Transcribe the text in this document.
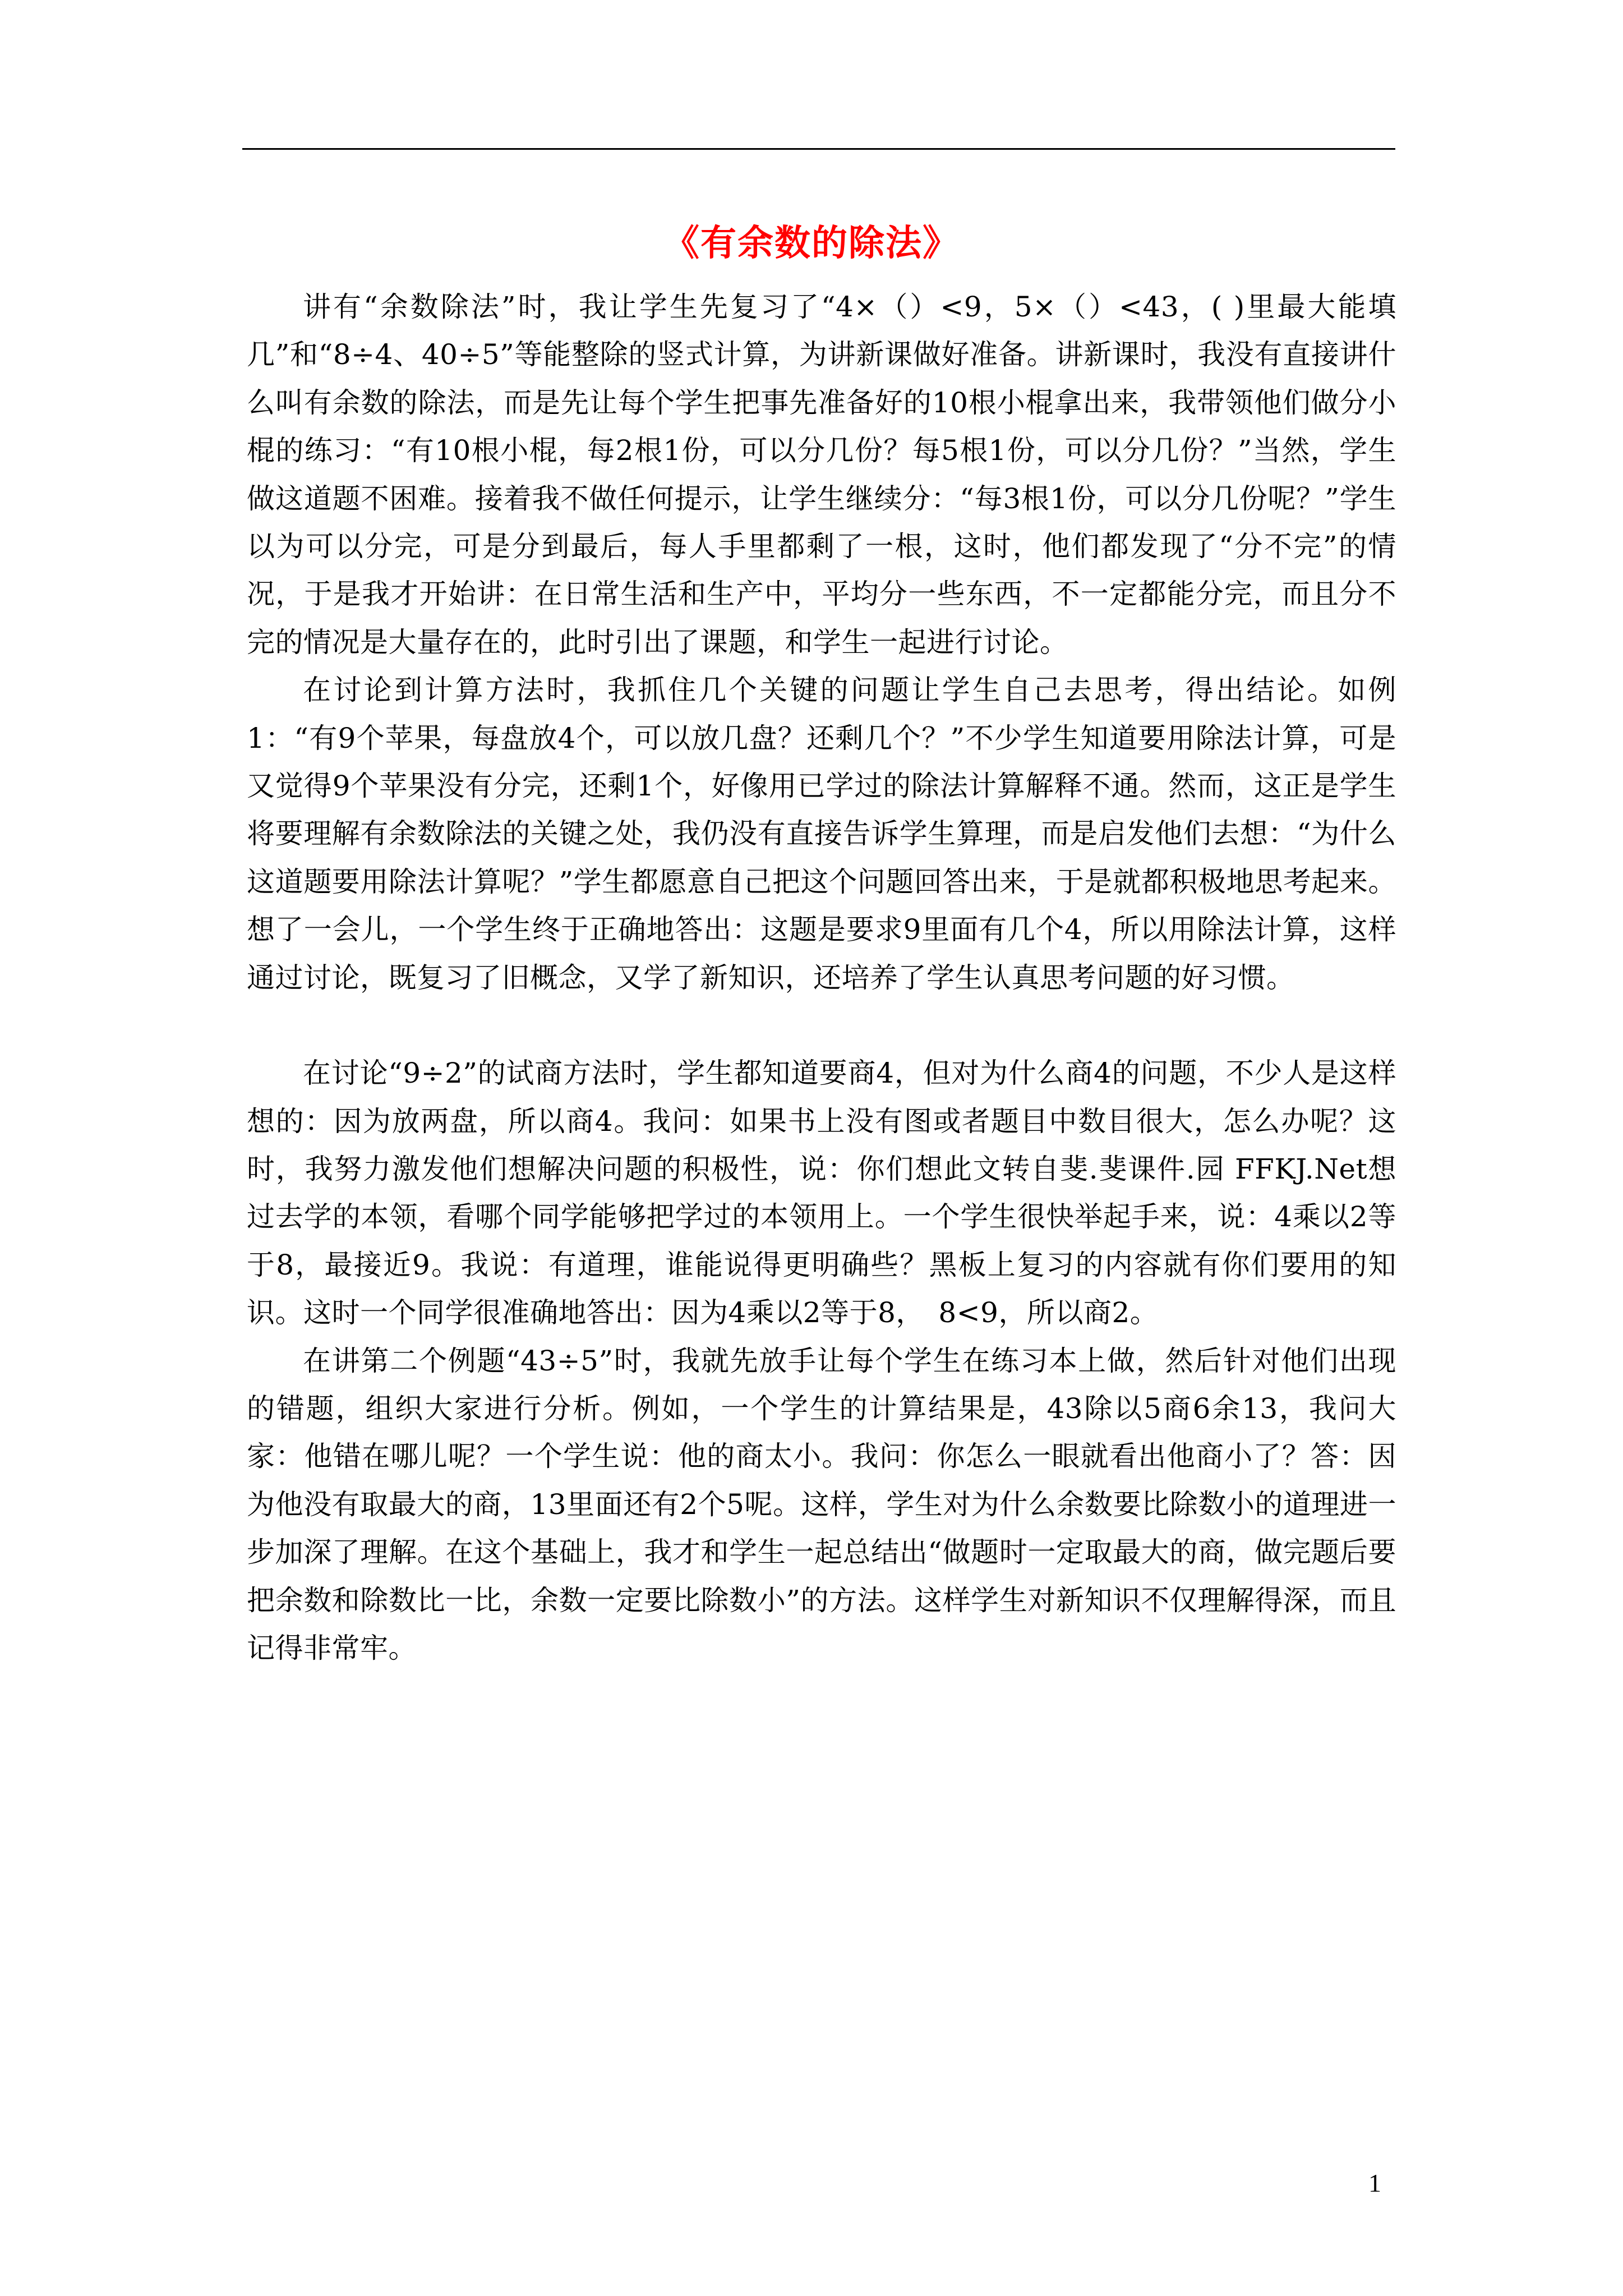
《有余数的除法》

讲有“余数除法”时，我让学生先复习了“4×（）<9，5×（）<43，( )里最大能填几”和“8÷4、40÷5”等能整除的竖式计算，为讲新课做好准备。讲新课时，我没有直接讲什么叫有余数的除法，而是先让每个学生把事先准备好的10根小棍拿出来，我带领他们做分小棍的练习：“有10根小棍，每2根1份，可以分几份？每5根1份，可以分几份？”当然，学生做这道题不困难。接着我不做任何提示，让学生继续分：“每3根1份，可以分几份呢？”学生以为可以分完，可是分到最后，每人手里都剩了一根，这时，他们都发现了“分不完”的情况，于是我才开始讲：在日常生活和生产中，平均分一些东西，不一定都能分完，而且分不完的情况是大量存在的，此时引出了课题，和学生一起进行讨论。

在讨论到计算方法时，我抓住几个关键的问题让学生自己去思考，得出结论。如例1：“有9个苹果，每盘放4个，可以放几盘？还剩几个？”不少学生知道要用除法计算，可是又觉得9个苹果没有分完，还剩1个，好像用已学过的除法计算解释不通。然而，这正是学生将要理解有余数除法的关键之处，我仍没有直接告诉学生算理，而是启发他们去想：“为什么这道题要用除法计算呢？”学生都愿意自己把这个问题回答出来，于是就都积极地思考起来。想了一会儿，一个学生终于正确地答出：这题是要求9里面有几个4，所以用除法计算，这样通过讨论，既复习了旧概念，又学了新知识，还培养了学生认真思考问题的好习惯。

在讨论“9÷2”的试商方法时，学生都知道要商4，但对为什么商4的问题，不少人是这样想的：因为放两盘，所以商4。我问：如果书上没有图或者题目中数目很大，怎么办呢？这时，我努力激发他们想解决问题的积极性，说：你们想此文转自斐.斐课件.园 FFKJ.Net想过去学的本领，看哪个同学能够把学过的本领用上。一个学生很快举起手来，说：4乘以2等于8，最接近9。我说：有道理，谁能说得更明确些？黑板上复习的内容就有你们要用的知识。这时一个同学很准确地答出：因为4乘以2等于8，　8<9，所以商2。

在讲第二个例题“43÷5”时，我就先放手让每个学生在练习本上做，然后针对他们出现的错题，组织大家进行分析。例如，一个学生的计算结果是，43除以5商6余13，我问大家：他错在哪儿呢？一个学生说：他的商太小。我问：你怎么一眼就看出他商小了？答：因为他没有取最大的商，13里面还有2个5呢。这样，学生对为什么余数要比除数小的道理进一步加深了理解。在这个基础上，我才和学生一起总结出“做题时一定取最大的商，做完题后要把余数和除数比一比，余数一定要比除数小”的方法。这样学生对新知识不仅理解得深，而且记得非常牢。

1
